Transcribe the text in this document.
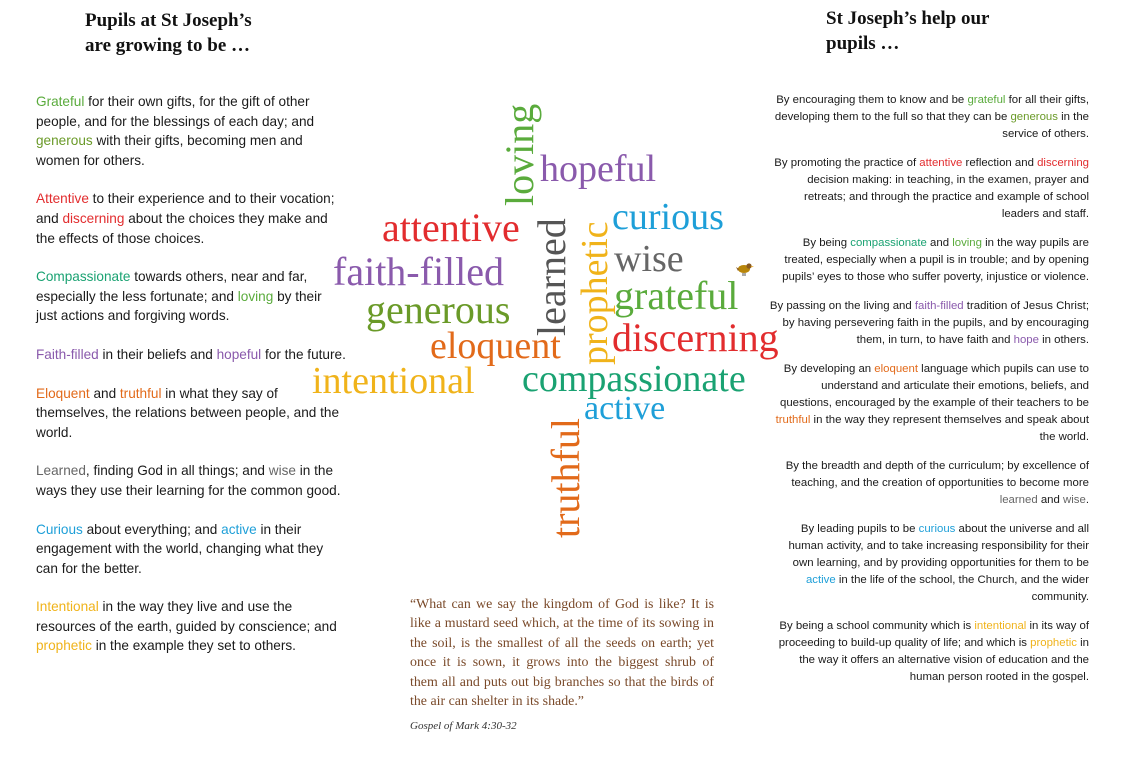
Pupils at St Joseph’s
are growing to be …
St Joseph’s help our
pupils …

Grateful for their own gifts, for the gift of other people, and for the blessings of each day; and generous with their gifts, becoming men and women for others.

Attentive to their experience and to their vocation; and discerning about the choices they make and the effects of those choices.

Compassionate towards others, near and far, especially the less fortunate; and loving by their just actions and forgiving words.

Faith-filled in their beliefs and hopeful for the future.

Eloquent and truthful in what they say of themselves, the relations between people, and the world.

Learned, finding God in all things; and wise in the ways they use their learning for the common good.

Curious about everything; and active in their engagement with the world, changing what they can for the better.

Intentional in the way they live and use the resources of the earth, guided by conscience; and prophetic in the example they set to others.

By encouraging them to know and be grateful for all their gifts, developing them to the full so that they can be generous in the service of others.

By promoting the practice of attentive reflection and discerning decision making: in teaching, in the examen, prayer and retreats; and through the practice and example of school leaders and staff.

By being compassionate and loving in the way pupils are treated, especially when a pupil is in trouble; and by opening pupils’ eyes to those who suffer poverty, injustice or violence.

By passing on the living and faith-filled tradition of Jesus Christ; by having persevering faith in the pupils, and by encouraging them, in turn, to have faith and hope in others.

By developing an eloquent language which pupils can use to understand and articulate their emotions, beliefs, and questions, encouraged by the example of their teachers to be truthful in the way they represent themselves and speak about the world.

By the breadth and depth of the curriculum; by excellence of teaching, and the creation of opportunities to become more learned and wise.

By leading pupils to be curious about the universe and all human activity, and to take increasing responsibility for their own learning, and by providing opportunities for them to be active in the life of the school, the Church, and the wider community.

By being a school community which is intentional in its way of proceeding to build-up quality of life; and which is prophetic in the way it offers an alternative vision of education and the human person rooted in the gospel.

loving
hopeful
attentive learned prophetic
curious
wise
faith-filled
grateful
generous
eloquent discerning
intentional compassionate
truthful
active
“What can we say the kingdom of God is like? It is like a mustard seed which, at the time of its sowing in the soil, is the smallest of all the seeds on earth; yet once it is sown, it grows into the biggest shrub of them all and puts out big branches so that the birds of the air can shelter in its shade.”
Gospel of Mark 4:30-32
